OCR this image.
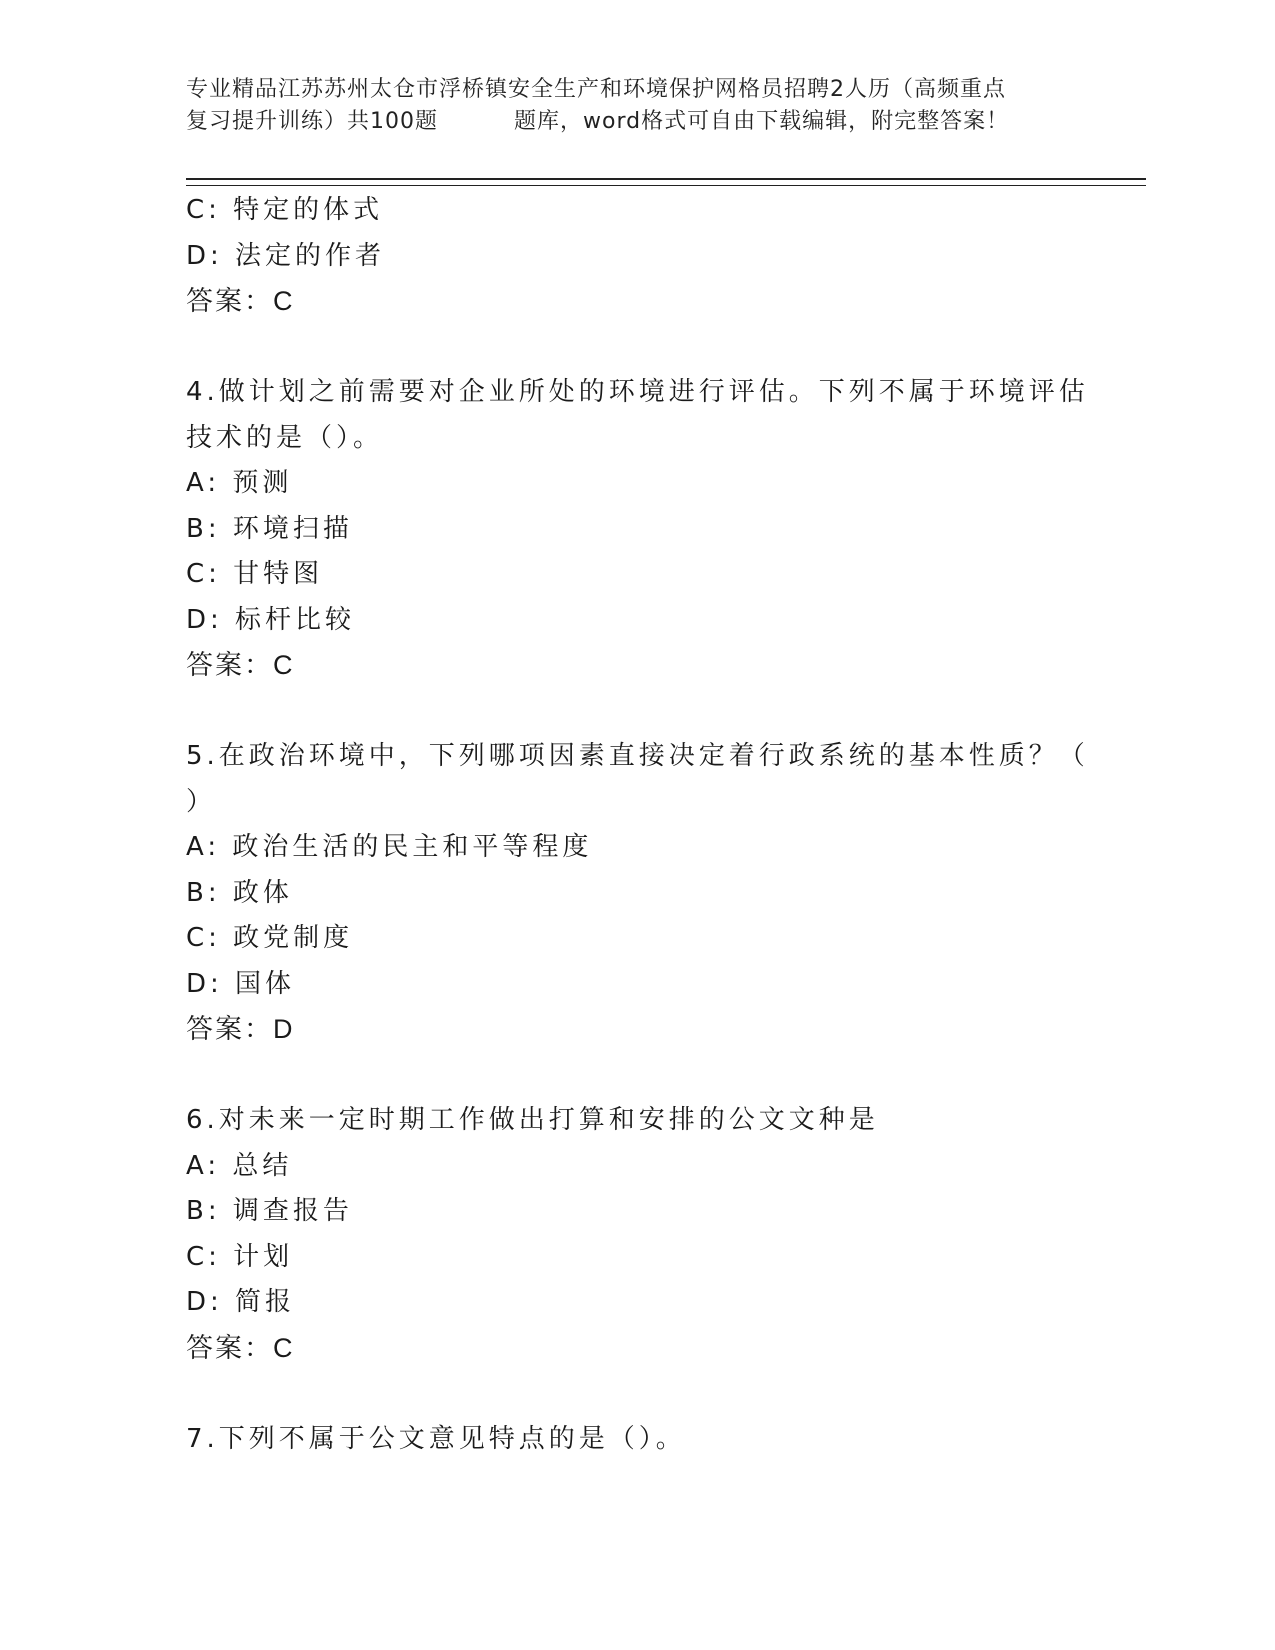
专业精品江苏苏州太仓市浮桥镇安全生产和环境保护网格员招聘2人历（高频重点
复习提升训练）共100题	题库，word格式可自由下载编辑，附完整答案！
C: 特定的体式
D: 法定的作者
答案：C
4.做计划之前需要对企业所处的环境进行评估。下列不属于环境评估
技术的是（）。
A: 预测
B: 环境扫描
C: 甘特图
D: 标杆比较
答案：C
5.在政治环境中，下列哪项因素直接决定着行政系统的基本性质？（
）
A: 政治生活的民主和平等程度
B: 政体
C: 政党制度
D: 国体
答案：D
6.对未来一定时期工作做出打算和安排的公文文种是
A: 总结
B: 调查报告
C: 计划
D: 简报
答案：C
7.下列不属于公文意见特点的是（）。
